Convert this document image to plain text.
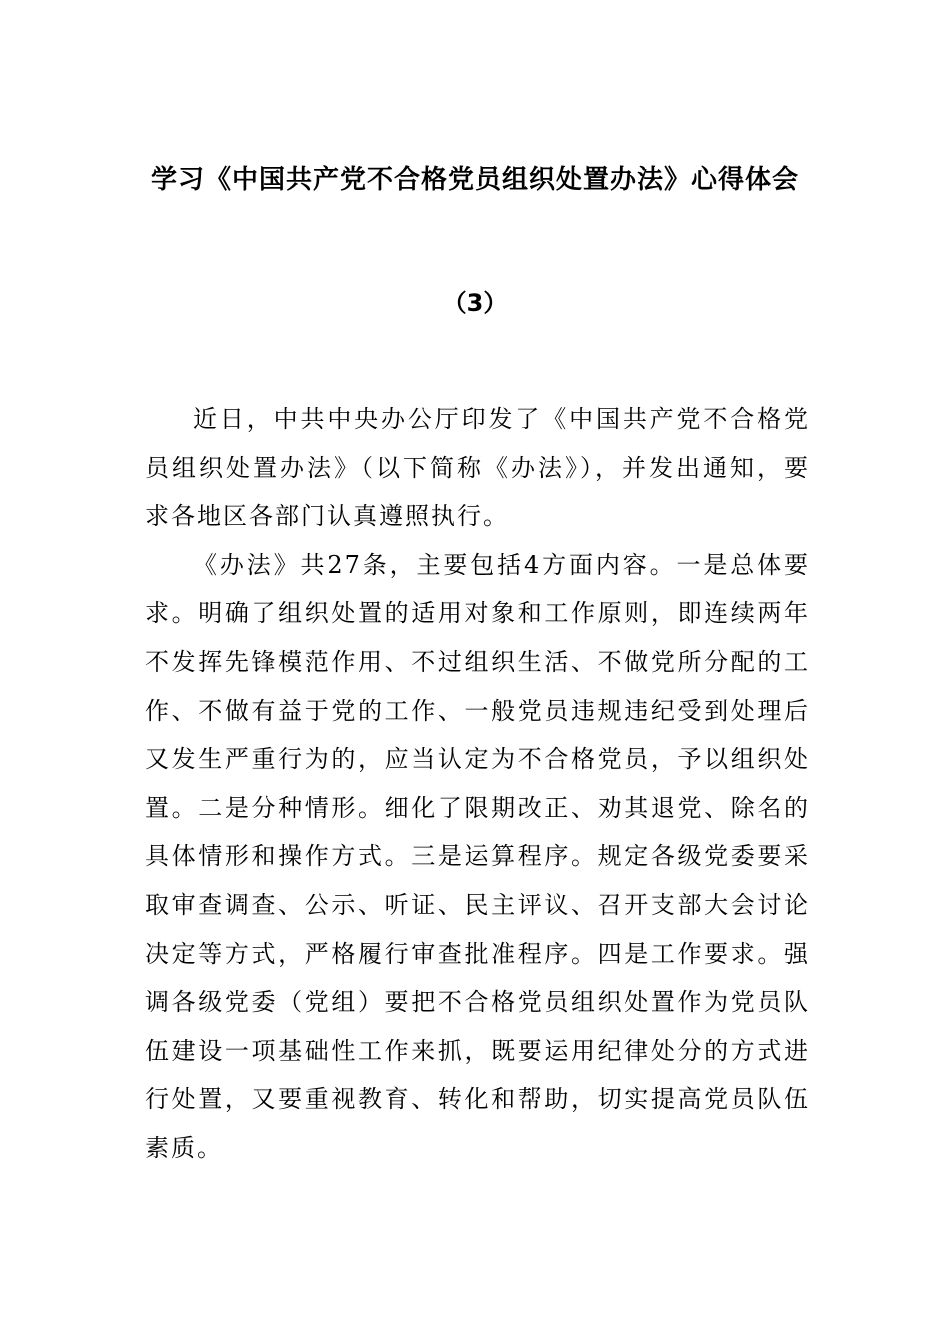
学习《中国共产党不合格党员组织处置办法》心得体会
（3）

近日，中共中央办公厅印发了《中国共产党不合格党员组织处置办法》（以下简称《办法》），并发出通知，要求各地区各部门认真遵照执行。

《办法》共27条，主要包括4方面内容。一是总体要求。明确了组织处置的适用对象和工作原则，即连续两年不发挥先锋模范作用、不过组织生活、不做党所分配的工作、不做有益于党的工作、一般党员违规违纪受到处理后又发生严重行为的，应当认定为不合格党员，予以组织处置。二是分种情形。细化了限期改正、劝其退党、除名的具体情形和操作方式。三是运算程序。规定各级党委要采取审查调查、公示、听证、民主评议、召开支部大会讨论决定等方式，严格履行审查批准程序。四是工作要求。强调各级党委（党组）要把不合格党员组织处置作为党员队伍建设一项基础性工作来抓，既要运用纪律处分的方式进行处置，又要重视教育、转化和帮助，切实提高党员队伍素质。
